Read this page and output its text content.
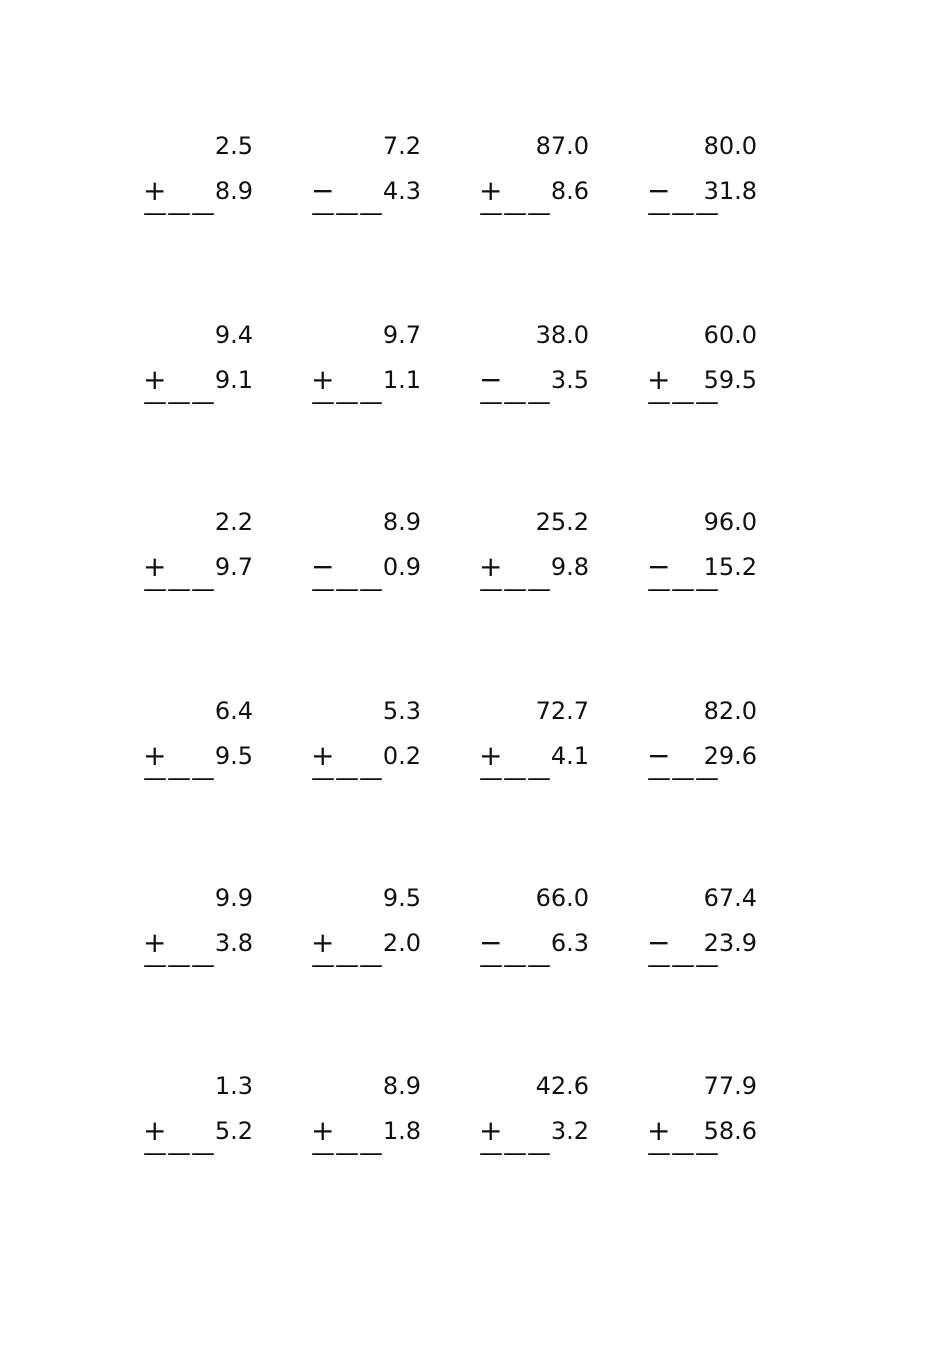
2.5
+ 8.9
———
7.2
− 4.3
———
87.0
+ 8.6
———
80.0
− 31.8
———
9.4
+ 9.1
———
9.7
+ 1.1
———
38.0
− 3.5
———
60.0
+ 59.5
———
2.2
+ 9.7
———
8.9
− 0.9
———
25.2
+ 9.8
———
96.0
− 15.2
———
6.4
+ 9.5
———
5.3
+ 0.2
———
72.7
+ 4.1
———
82.0
− 29.6
———
9.9
+ 3.8
———
9.5
+ 2.0
———
66.0
− 6.3
———
67.4
− 23.9
———
1.3
+ 5.2
———
8.9
+ 1.8
———
42.6
+ 3.2
———
77.9
+ 58.6
———
